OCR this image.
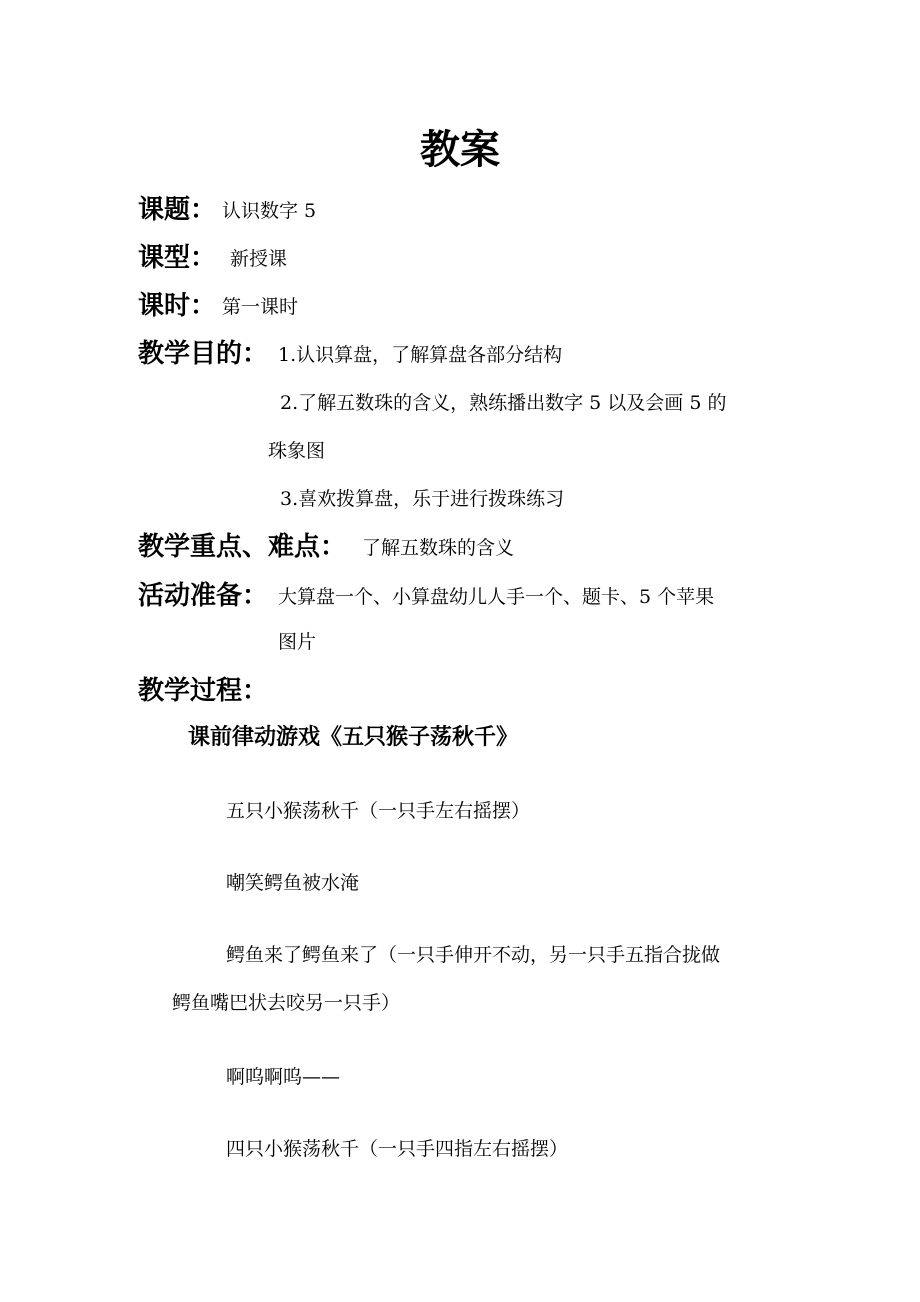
教案
课题： 认识数字 5
课型： 新授课
课时： 第一课时
教学目的： 1.认识算盘，了解算盘各部分结构
2.了解五数珠的含义，熟练播出数字 5 以及会画 5 的
珠象图
3.喜欢拨算盘，乐于进行拨珠练习
教学重点、难点： 了解五数珠的含义
活动准备： 大算盘一个、小算盘幼儿人手一个、题卡、5 个苹果
图片
教学过程：
课前律动游戏《五只猴子荡秋千》
五只小猴荡秋千（一只手左右摇摆）
嘲笑鳄鱼被水淹
鳄鱼来了鳄鱼来了（一只手伸开不动，另一只手五指合拢做
鳄鱼嘴巴状去咬另一只手）
啊呜啊呜——
四只小猴荡秋千（一只手四指左右摇摆）
